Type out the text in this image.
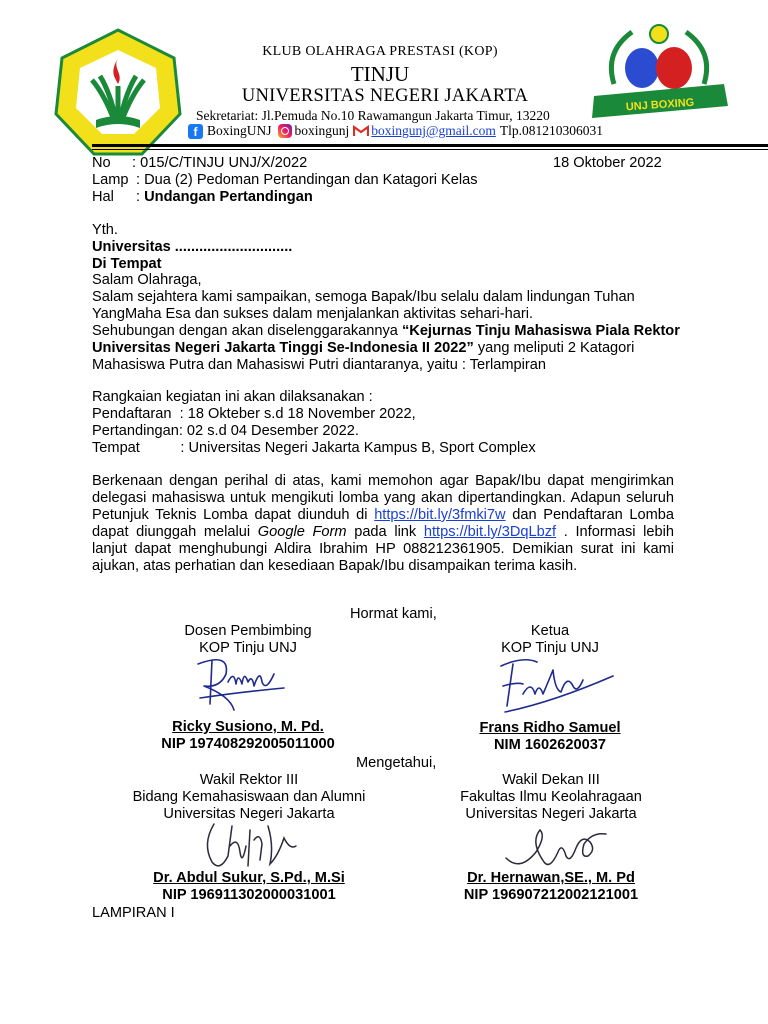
KLUB OLAHRAGA PRESTASI (KOP)
TINJU
UNIVERSITAS NEGERI JAKARTA
Sekretariat: Jl.Pemuda No.10 Rawamangun Jakarta Timur, 13220
f BoxingUNJ boxingunj boxingunj@gmail.com Tlp.081210306031
UNJ BOXING
No : 015/C/TINJU UNJ/X/2022	18 Oktober 2022
Lamp : Dua (2) Pedoman Pertandingan dan Katagori Kelas
Hal : Undangan Pertandingan
Yth.
Universitas .............................
Di Tempat
Salam Olahraga,
Salam sejahtera kami sampaikan, semoga Bapak/Ibu selalu dalam lindungan Tuhan YangMaha Esa dan sukses dalam menjalankan aktivitas sehari-hari.
Sehubungan dengan akan diselenggarakannya “Kejurnas Tinju Mahasiswa Piala Rektor Universitas Negeri Jakarta Tinggi Se-Indonesia II 2022” yang meliputi 2 Katagori Mahasiswa Putra dan Mahasiswi Putri diantaranya, yaitu : Terlampiran
Rangkaian kegiatan ini akan dilaksanakan :
Pendaftaran  : 18 Okteber s.d 18 November 2022,
Pertandingan: 02 s.d 04 Desember 2022.
Tempat          : Universitas Negeri Jakarta Kampus B, Sport Complex
Berkenaan dengan perihal di atas, kami memohon agar Bapak/Ibu dapat mengirimkan delegasi mahasiswa untuk mengikuti lomba yang akan dipertandingkan. Adapun seluruh Petunjuk Teknis Lomba dapat diunduh di https://bit.ly/3fmki7w dan Pendaftaran Lomba dapat diunggah melalui Google Form pada link https://bit.ly/3DqLbzf . Informasi lebih lanjut dapat menghubungi Aldira Ibrahim HP 088212361905. Demikian surat ini kami ajukan, atas perhatian dan kesediaan Bapak/Ibu disampaikan terima kasih.
Hormat kami,
Dosen Pembimbing
KOP Tinju UNJ
Ricky Susiono, M. Pd.
NIP 197408292005011000
Ketua
KOP Tinju UNJ
Frans Ridho Samuel
NIM 1602620037
Mengetahui,
Wakil Rektor III
Bidang Kemahasiswaan dan Alumni
Universitas Negeri Jakarta
Dr. Abdul Sukur, S.Pd., M.Si
NIP 196911302000031001
Wakil Dekan III
Fakultas Ilmu Keolahragaan
Universitas Negeri Jakarta
Dr. Hernawan,SE., M. Pd
NIP 196907212002121001
LAMPIRAN I
